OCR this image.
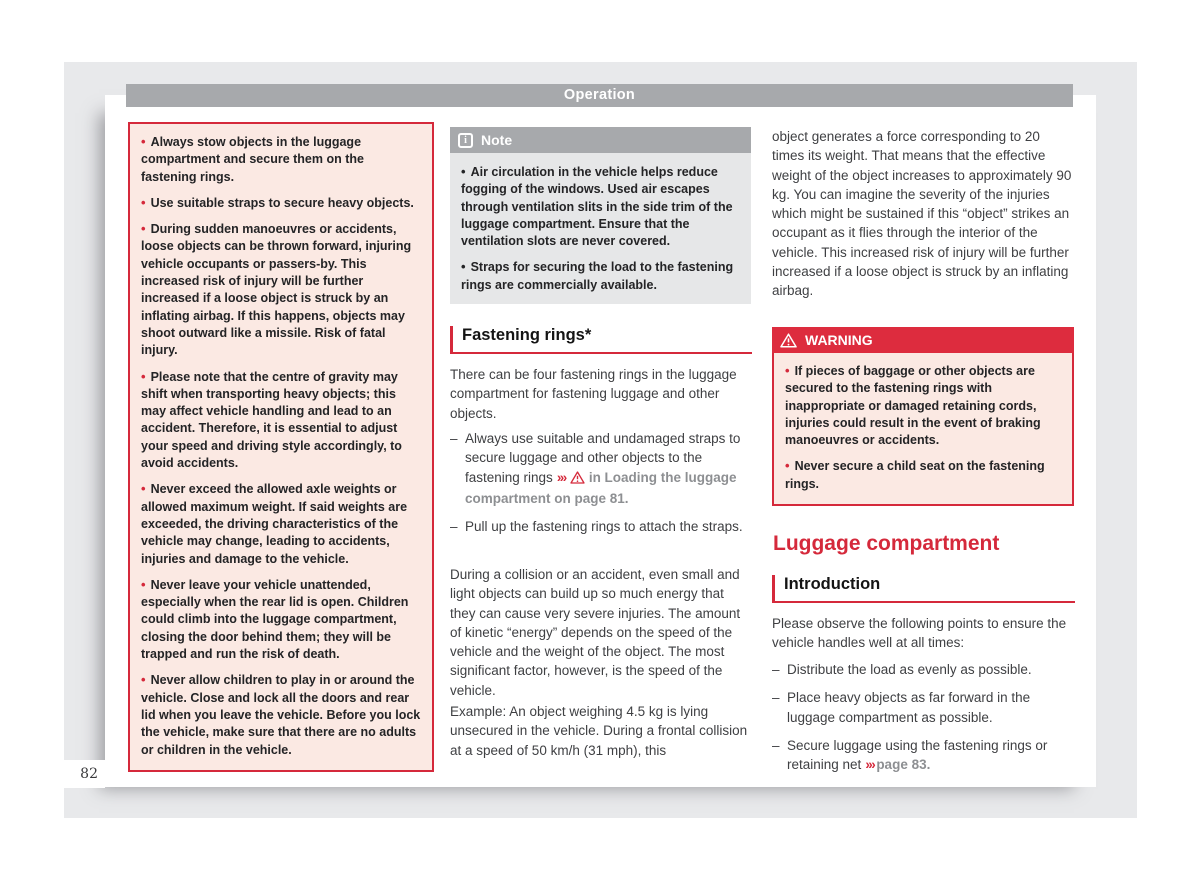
Operation
• Always stow objects in the luggage compartment and secure them on the fastening rings.
• Use suitable straps to secure heavy objects.
• During sudden manoeuvres or accidents, loose objects can be thrown forward, injuring vehicle occupants or passers-by. This increased risk of injury will be further increased if a loose object is struck by an inflating airbag. If this happens, objects may shoot outward like a missile. Risk of fatal injury.
• Please note that the centre of gravity may shift when transporting heavy objects; this may affect vehicle handling and lead to an accident. Therefore, it is essential to adjust your speed and driving style accordingly, to avoid accidents.
• Never exceed the allowed axle weights or allowed maximum weight. If said weights are exceeded, the driving characteristics of the vehicle may change, leading to accidents, injuries and damage to the vehicle.
• Never leave your vehicle unattended, especially when the rear lid is open. Children could climb into the luggage compartment, closing the door behind them; they will be trapped and run the risk of death.
• Never allow children to play in or around the vehicle. Close and lock all the doors and rear lid when you leave the vehicle. Before you lock the vehicle, make sure that there are no adults or children in the vehicle.
i	Note
• Air circulation in the vehicle helps reduce fogging of the windows. Used air escapes through ventilation slits in the side trim of the luggage compartment. Ensure that the ventilation slots are never covered.
• Straps for securing the load to the fastening rings are commercially available.
Fastening rings*
There can be four fastening rings in the luggage compartment for fastening luggage and other objects.
– Always use suitable and undamaged straps to secure luggage and other objects to the fastening rings ››› in Loading the luggage compartment on page 81.
– Pull up the fastening rings to attach the straps.
During a collision or an accident, even small and light objects can build up so much energy that they can cause very severe injuries. The amount of kinetic “energy” depends on the speed of the vehicle and the weight of the object. The most significant factor, however, is the speed of the vehicle.
Example: An object weighing 4.5 kg is lying unsecured in the vehicle. During a frontal collision at a speed of 50 km/h (31 mph), this
object generates a force corresponding to 20 times its weight. That means that the effective weight of the object increases to approximately 90 kg. You can imagine the severity of the injuries which might be sustained if this “object” strikes an occupant as it flies through the interior of the vehicle. This increased risk of injury will be further increased if a loose object is struck by an inflating airbag.
WARNING
• If pieces of baggage or other objects are secured to the fastening rings with inappropriate or damaged retaining cords, injuries could result in the event of braking manoeuvres or accidents.
• Never secure a child seat on the fastening rings.
Luggage compartment
Introduction
Please observe the following points to ensure the vehicle handles well at all times:
– Distribute the load as evenly as possible.
– Place heavy objects as far forward in the luggage compartment as possible.
– Secure luggage using the fastening rings or retaining net ››› page 83.
82
